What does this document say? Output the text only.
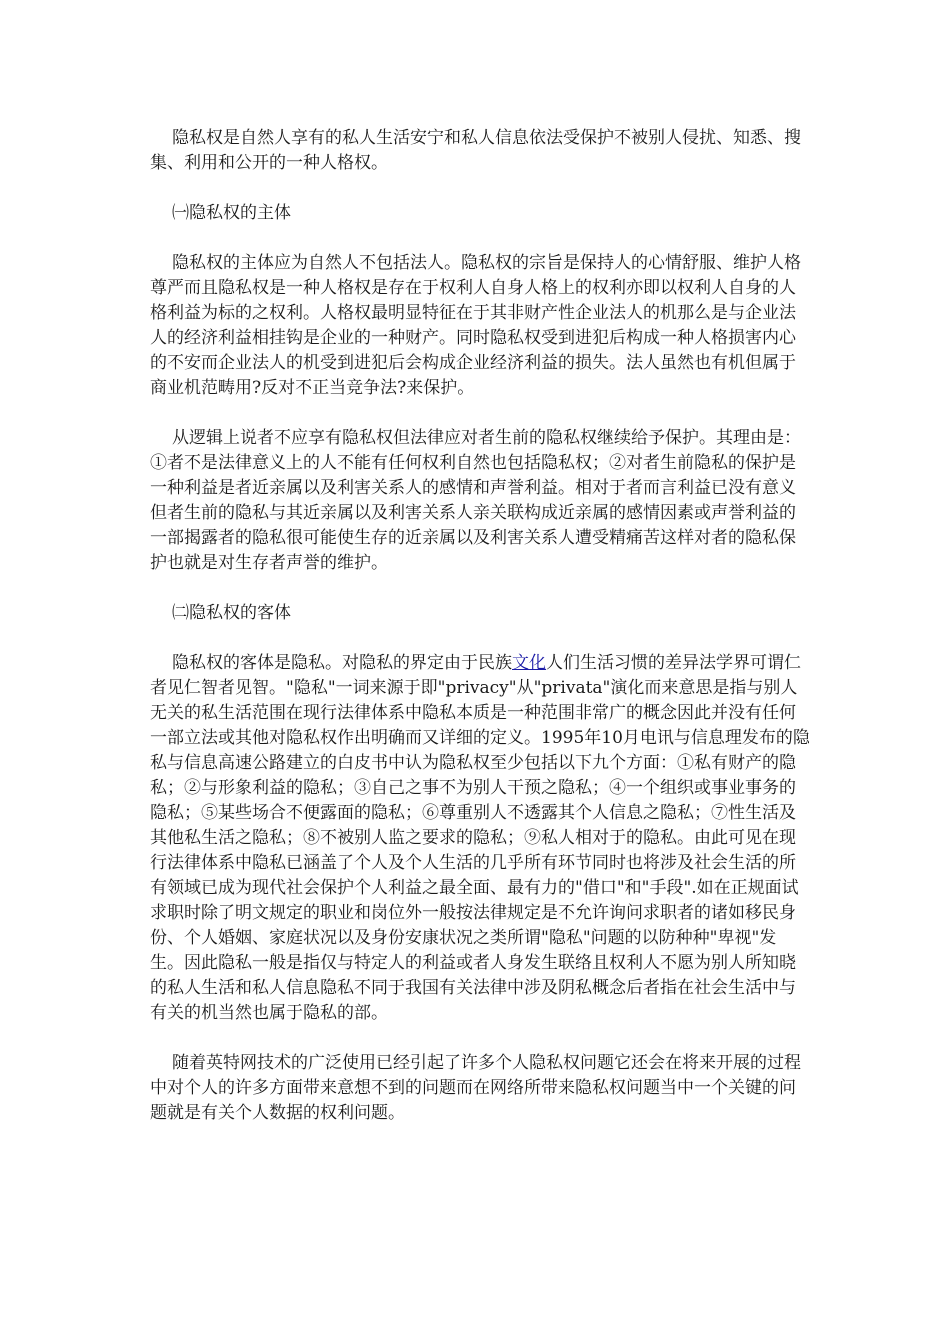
隐私权是自然人享有的私人生活安宁和私人信息依法受保护不被别人侵扰、知悉、搜集、利用和公开的一种人格权。

㈠隐私权的主体

隐私权的主体应为自然人不包括法人。隐私权的宗旨是保持人的心情舒服、维护人格尊严而且隐私权是一种人格权是存在于权利人自身人格上的权利亦即以权利人自身的人格利益为标的之权利。人格权最明显特征在于其非财产性企业法人的机那么是与企业法人的经济利益相挂钩是企业的一种财产。同时隐私权受到进犯后构成一种人格损害内心的不安而企业法人的机受到进犯后会构成企业经济利益的损失。法人虽然也有机但属于商业机范畴用?反对不正当竞争法?来保护。

从逻辑上说者不应享有隐私权但法律应对者生前的隐私权继续给予保护。其理由是：①者不是法律意义上的人不能有任何权利自然也包括隐私权；②对者生前隐私的保护是一种利益是者近亲属以及利害关系人的感情和声誉利益。相对于者而言利益已没有意义但者生前的隐私与其近亲属以及利害关系人亲关联构成近亲属的感情因素或声誉利益的一部揭露者的隐私很可能使生存的近亲属以及利害关系人遭受精痛苦这样对者的隐私保护也就是对生存者声誉的维护。

㈡隐私权的客体

隐私权的客体是隐私。对隐私的界定由于民族文化人们生活习惯的差异法学界可谓仁者见仁智者见智。"隐私"一词来源于即"privacy"从"privata"演化而来意思是指与别人无关的私生活范围在现行法律体系中隐私本质是一种范围非常广的概念因此并没有任何一部立法或其他对隐私权作出明确而又详细的定义。1995年10月电讯与信息理发布的隐私与信息高速公路建立的白皮书中认为隐私权至少包括以下九个方面：①私有财产的隐私；②与形象利益的隐私；③自己之事不为别人干预之隐私；④一个组织或事业事务的隐私；⑤某些场合不便露面的隐私；⑥尊重别人不透露其个人信息之隐私；⑦性生活及其他私生活之隐私；⑧不被别人监之要求的隐私；⑨私人相对于的隐私。由此可见在现行法律体系中隐私已涵盖了个人及个人生活的几乎所有环节同时也将涉及社会生活的所有领域已成为现代社会保护个人利益之最全面、最有力的"借口"和"手段".如在正规面试求职时除了明文规定的职业和岗位外一般按法律规定是不允许询问求职者的诸如移民身份、个人婚姻、家庭状况以及身份安康状况之类所谓"隐私"问题的以防种种"卑视"发生。因此隐私一般是指仅与特定人的利益或者人身发生联络且权利人不愿为别人所知晓的私人生活和私人信息隐私不同于我国有关法律中涉及阴私概念后者指在社会生活中与有关的机当然也属于隐私的部。

随着英特网技术的广泛使用已经引起了许多个人隐私权问题它还会在将来开展的过程中对个人的许多方面带来意想不到的问题而在网络所带来隐私权问题当中一个关键的问题就是有关个人数据的权利问题。
